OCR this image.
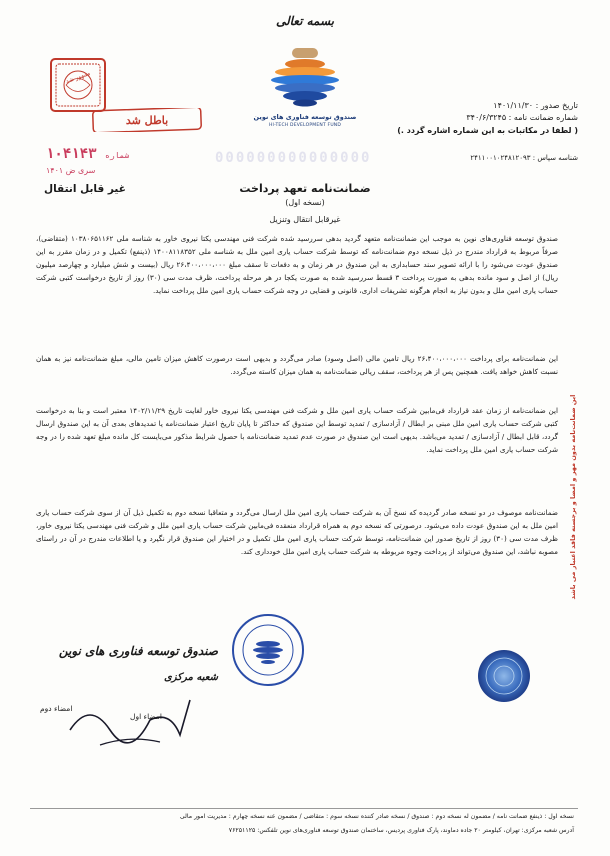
بسمه تعالی
صندوق توسعه فناوری های نوین
HI-TECH DEVELOPMENT FUND
تاریخ صدور : ۱۴۰۱/۱۱/۳۰
شماره ضمانت نامه : ۳۴۰/۶/۳۲۴۵
( لطفا در مکاتبات به این شماره اشاره گردد .)
شناسه سپاس : ۲۴۱۱۰۰۱۰۲۴۸۱۲۰۹۳
ممهور شد
باطل شد
شماره ۱۰۴۱۴۳	000000000000000
سری ض ۱۴۰۱
غیر قابل انتقال	ضمانت‌نامه تعهد پرداخت
(نسخه اول)
غیرقابل انتقال وتنزیل
صندوق توسعه فناوری‌های نوین به موجب این ضمانت‌نامه متعهد گردید بدهی سررسید شده شرکت فنی مهندسی یکتا نیروی خاور به شناسه ملی ۱۰۳۸۰۶۵۱۱۶۲ (متقاضی)، صرفاً مربوط به قرارداد مندرج در ذیل نسخه دوم ضمانت‌نامه که توسط شرکت حساب یاری امین ملل به شناسه ملی ۱۴۰۰۸۱۱۸۳۵۲ (ذینفع) تکمیل و در زمان مقرر به این صندوق عودت می‌شود را با ارائه تصویر سند حسابداری به این صندوق در هر زمان و به دفعات تا سقف مبلغ ۲۶،۴۰۰،۰۰۰،۰۰۰ ریال (بیست و شش میلیارد و چهارصد میلیون ریال) از اصل و سود مانده بدهی به صورت پرداخت ۳ قسط سررسید شده به صورت یکجا در هر مرحله پرداخت، ظرف مدت سی (۳۰) روز از تاریخ درخواست کتبی شرکت حساب یاری امین ملل و بدون نیاز به انجام هرگونه تشریفات اداری، قانونی و قضایی در وجه شرکت حساب یاری امین ملل پرداخت نماید.
این ضمانت‌نامه برای پرداخت ۲۶،۴۰۰،۰۰۰،۰۰۰ ریال تامین مالی (اصل وسود) صادر می‌گردد و بدیهی است درصورت کاهش میزان تامین مالی، مبلغ ضمانت‌نامه نیز به همان نسبت کاهش خواهد یافت. همچنین پس از هر پرداخت، سقف ریالی ضمانت‌نامه به همان میزان کاسته می‌گردد.
این ضمانت‌نامه از زمان عقد قرارداد فی‌مابین شرکت حساب یاری امین ملل و شرکت فنی مهندسی یکتا نیروی خاور لغایت تاریخ ۱۴۰۲/۱۱/۲۹ معتبر است و بنا به درخواست کتبی شرکت حساب یاری امین ملل مبنی بر ابطال / آزادسازی / تمدید توسط این صندوق که حداکثر تا پایان تاریخ اعتبار ضمانت‌نامه یا تمدیدهای بعدی آن به این صندوق ارسال گردد، قابل ابطال / آزادسازی / تمدید می‌باشد. بدیهی است این صندوق در صورت عدم تمدید ضمانت‌نامه با حصول شرایط مذکور می‌بایست کل مانده مبلغ تعهد شده را در وجه شرکت حساب یاری امین ملل پرداخت نماید.
ضمانت‌نامه موصوف در دو نسخه صادر گردیده که نسخ آن به شرکت حساب یاری امین ملل ارسال می‌گردد و متعاقبا نسخه دوم به تکمیل ذیل آن از سوی شرکت حساب یاری امین ملل به این صندوق عودت داده می‌شود. درصورتی که نسخه دوم به همراه قرارداد منعقده فی‌مابین شرکت حساب یاری امین ملل و شرکت فنی مهندسی یکتا نیروی خاور، ظرف مدت سی (۳۰) روز از تاریخ صدور این ضمانت‌نامه، توسط شرکت حساب یاری امین ملل تکمیل و در اختیار این صندوق قرار نگیرد و یا اطلاعات مندرج در آن در راستای مصوبه نباشد، این صندوق می‌تواند از پرداخت وجوه مربوطه به شرکت حساب یاری امین ملل خودداری کند. این ضمانت‌نامه بدون مهر و امضا و برجسته فاقد اعتبار می باشد
صندوق توسعه فناوری های نوین
شعبه مرکزی
امضاء اول
امضاء دوم
نسخه اول : ذینفع ضمانت نامه / مضمون له نسخه دوم : صندوق / نسخه صادر کننده نسخه سوم : متقاضی / مضمون عنه نسخه چهارم : مدیریت امور مالی
آدرس شعبه مرکزی: تهران، کیلومتر ۲۰ جاده دماوند، پارک فناوری پردیس، ساختمان صندوق توسعه فناوری‌های نوین تلفکس: ۷۶۲۵۱۱۲۵
